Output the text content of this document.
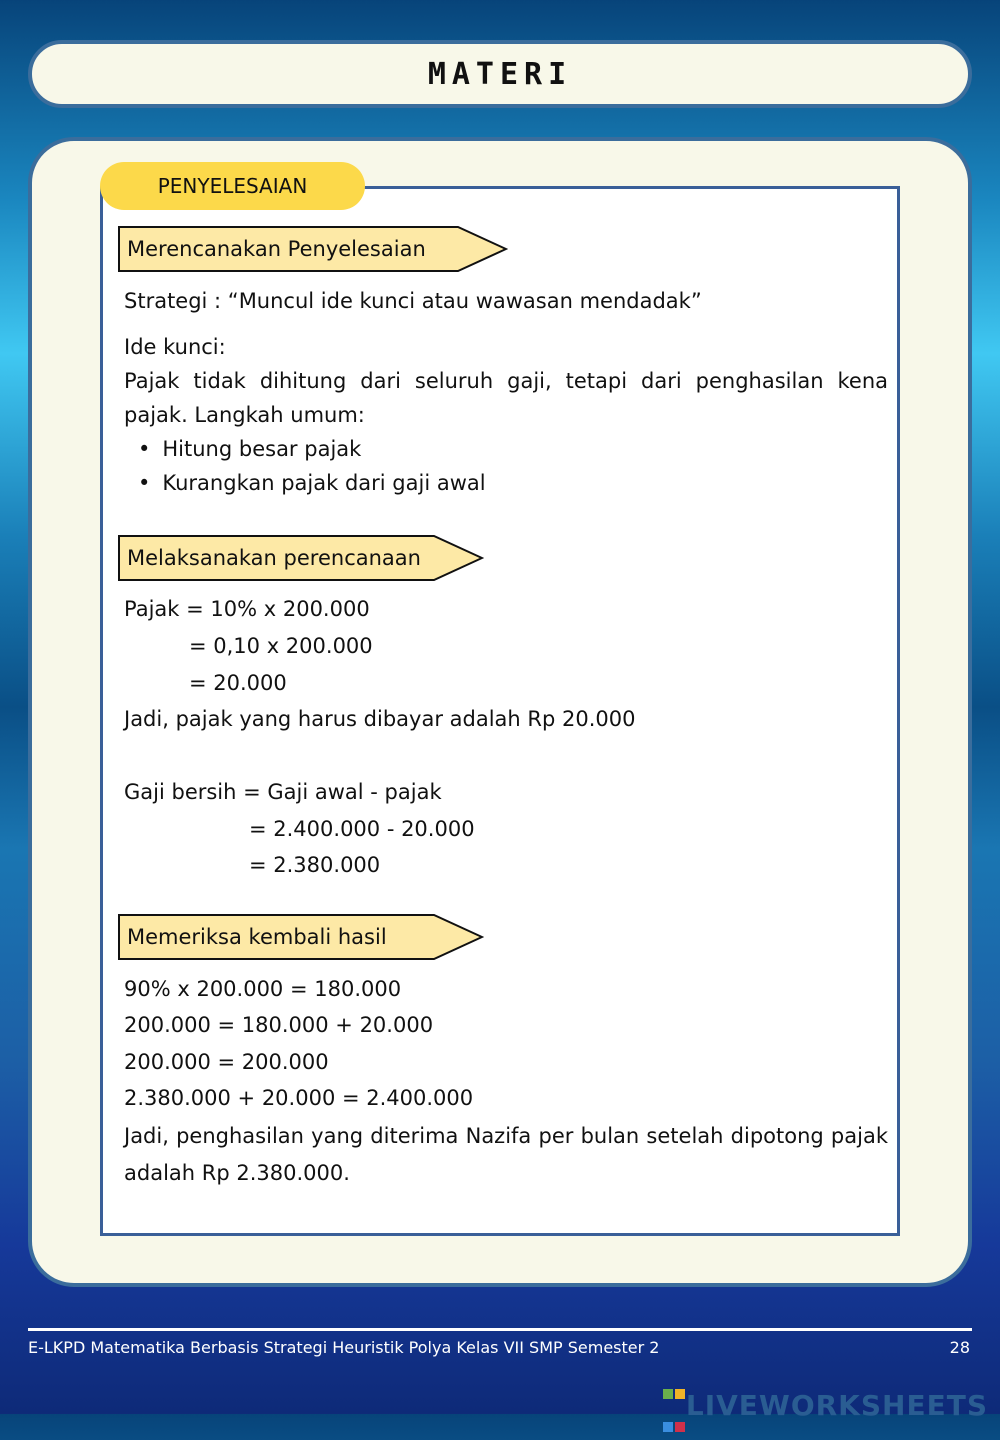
MATERI
PENYELESAIAN
Merencanakan Penyelesaian
Strategi : “Muncul ide kunci atau wawasan mendadak”
Ide kunci:
Pajak tidak dihitung dari seluruh gaji, tetapi dari penghasilan kena pajak. Langkah umum:
• Hitung besar pajak
• Kurangkan pajak dari gaji awal
Melaksanakan perencanaan
Pajak = 10% x 200.000
= 0,10 x 200.000
= 20.000
Jadi, pajak yang harus dibayar adalah Rp 20.000
Gaji bersih = Gaji awal - pajak
= 2.400.000 - 20.000
= 2.380.000
Memeriksa kembali hasil
90% x 200.000 = 180.000
200.000 = 180.000 + 20.000
200.000 = 200.000
2.380.000 + 20.000 = 2.400.000
Jadi, penghasilan yang diterima Nazifa per bulan setelah dipotong pajak adalah Rp 2.380.000.
E-LKPD Matematika Berbasis Strategi Heuristik Polya Kelas VII SMP Semester 2	28
LIVEWORKSHEETS
